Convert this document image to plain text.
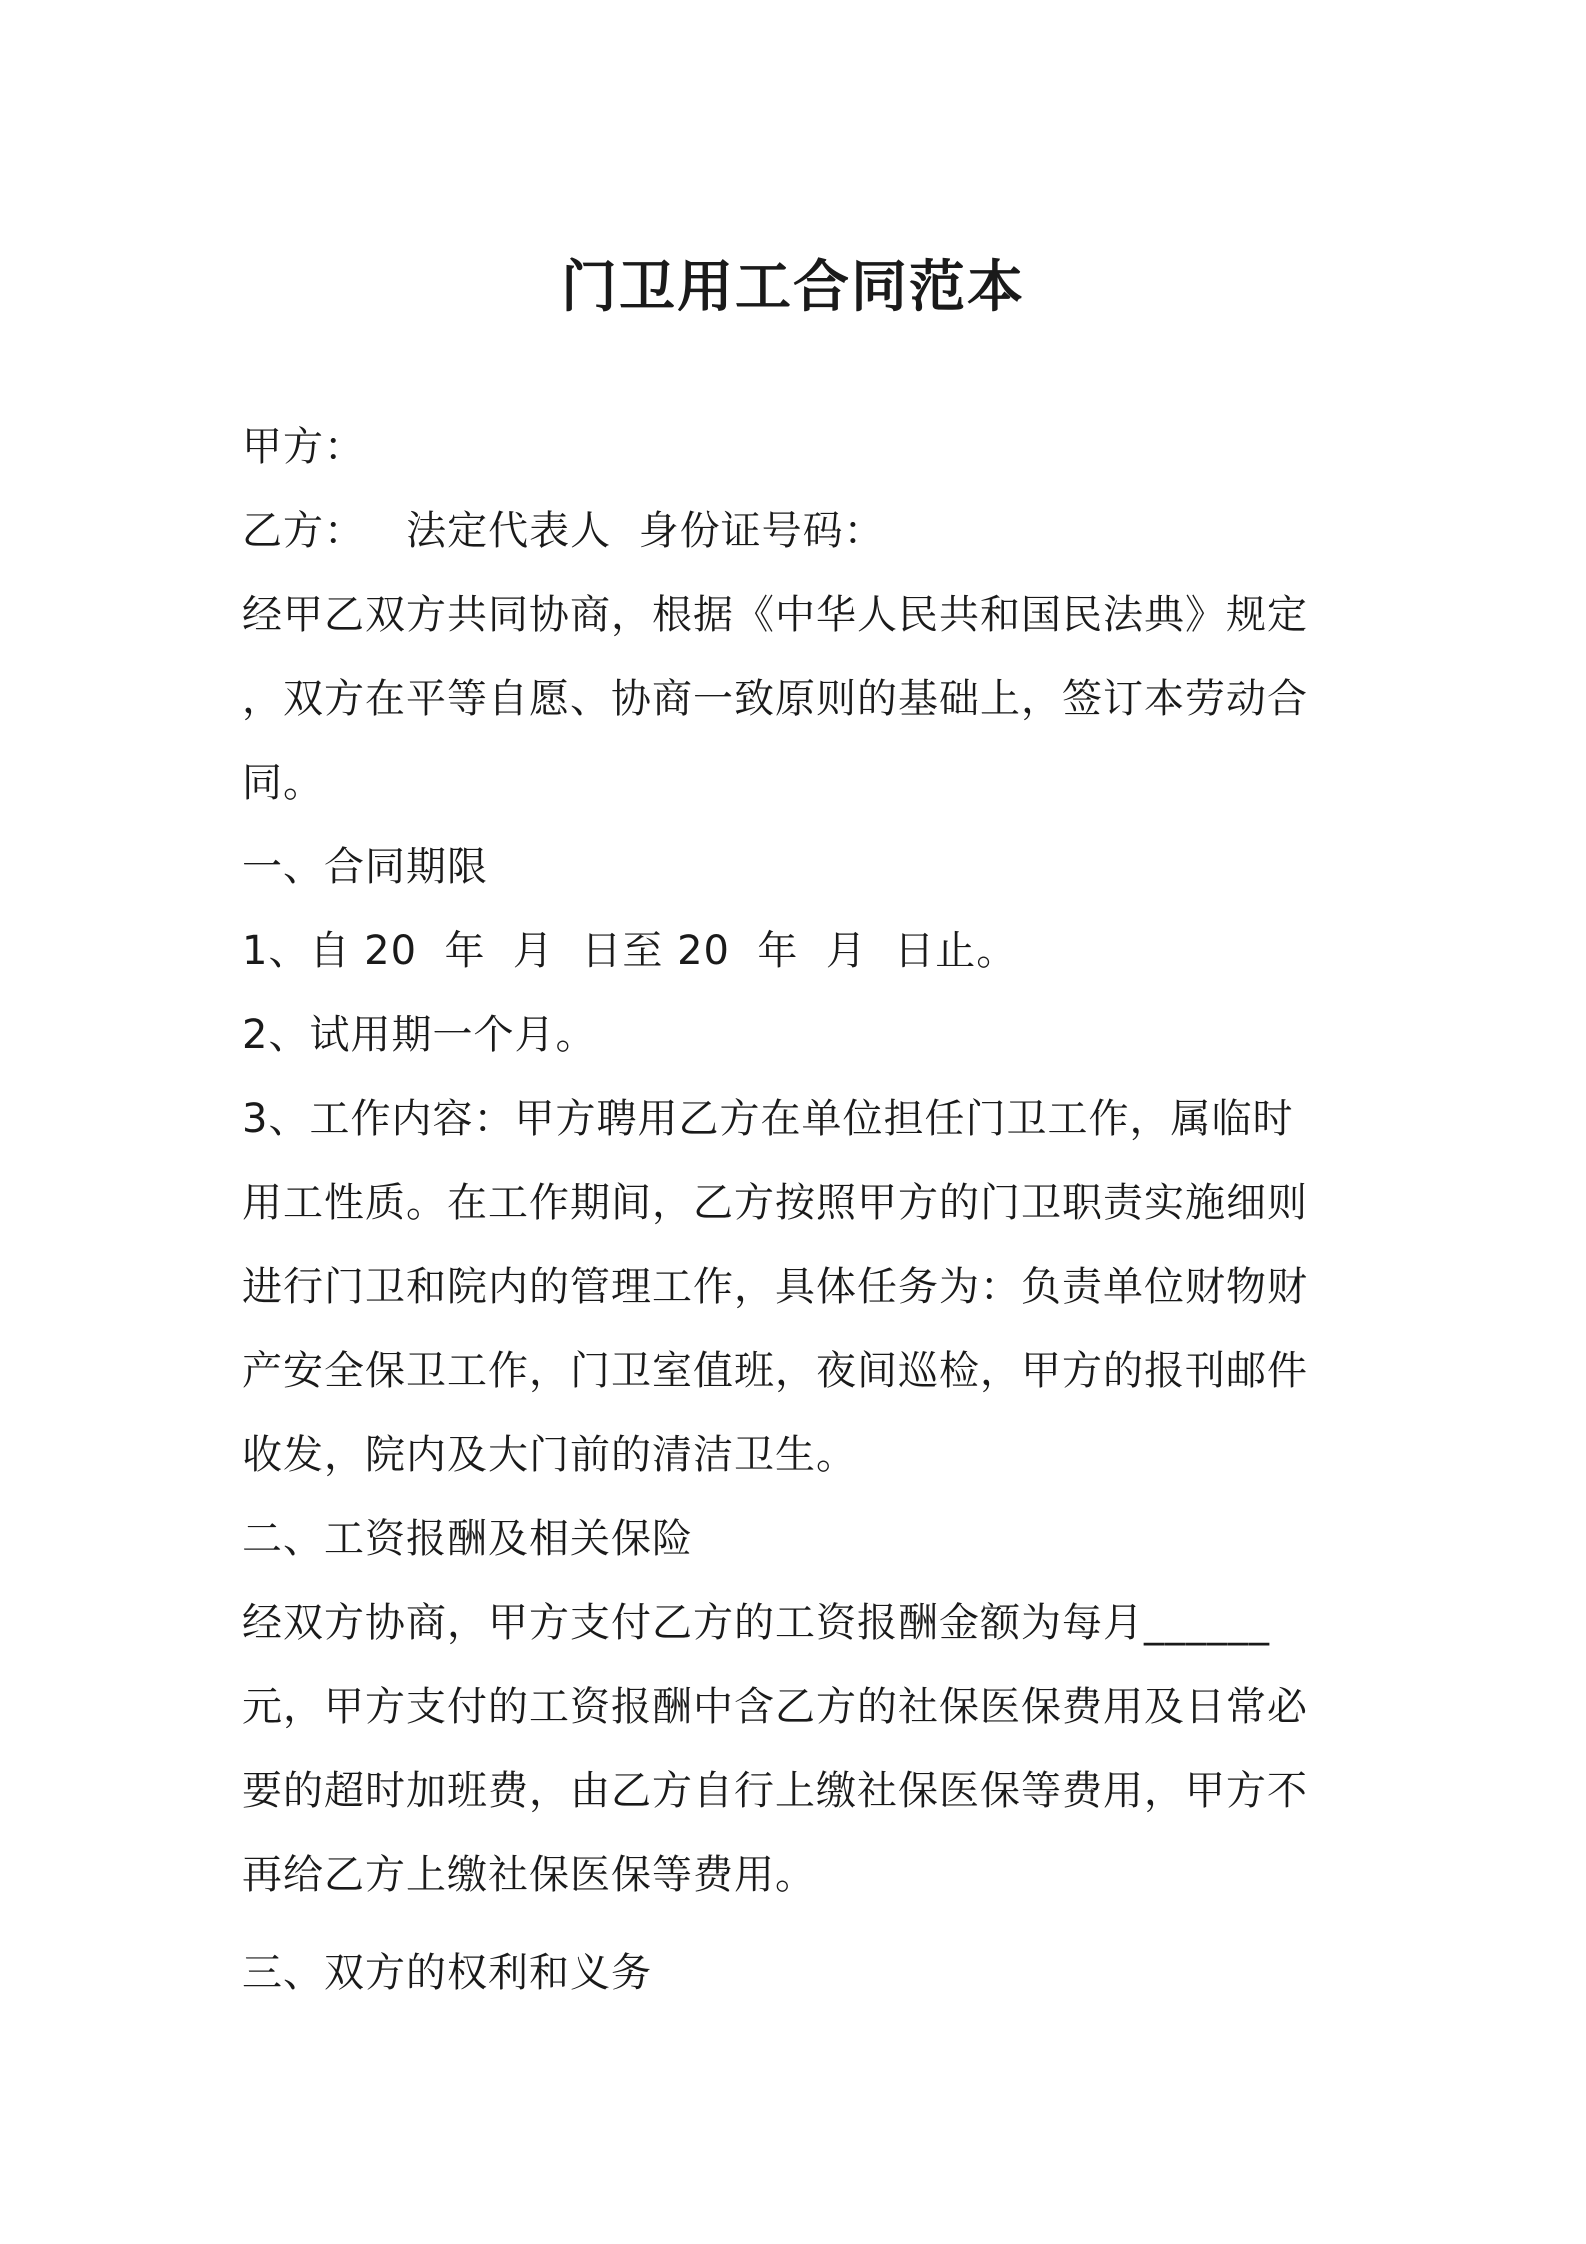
门卫用工合同范本
甲方：
乙方：   法定代表人  身份证号码：
经甲乙双方共同协商，根据《中华人民共和国民法典》规定
，双方在平等自愿、协商一致原则的基础上，签订本劳动合
同。
一、合同期限
1、自 20  年  月  日至 20  年  月  日止。
2、试用期一个月。
3、工作内容：甲方聘用乙方在单位担任门卫工作，属临时
用工性质。在工作期间，乙方按照甲方的门卫职责实施细则
进行门卫和院内的管理工作，具体任务为：负责单位财物财
产安全保卫工作，门卫室值班，夜间巡检，甲方的报刊邮件
收发，院内及大门前的清洁卫生。
二、工资报酬及相关保险
经双方协商，甲方支付乙方的工资报酬金额为每月______
元，甲方支付的工资报酬中含乙方的社保医保费用及日常必
要的超时加班费，由乙方自行上缴社保医保等费用，甲方不
再给乙方上缴社保医保等费用。
三、双方的权利和义务
